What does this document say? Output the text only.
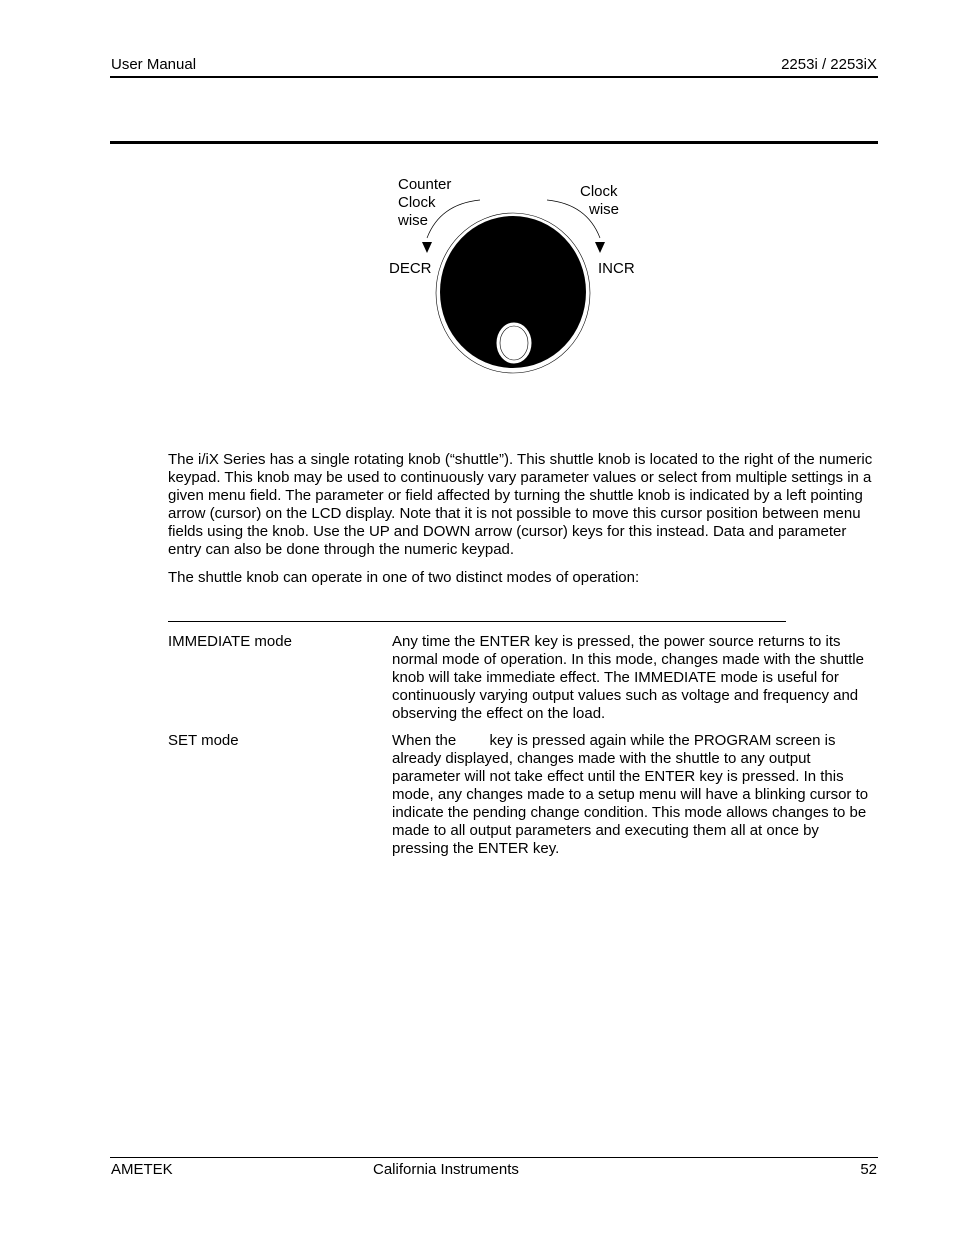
User Manual	2253i / 2253iX
Counter
Clock
wise
Clock
wise
DECR	INCR
The i/iX Series has a single rotating knob (“shuttle”). This shuttle knob is located to the right of the numeric keypad. This knob may be used to continuously vary parameter values or select from multiple settings in a given menu field. The parameter or field affected by turning the shuttle knob is indicated by a left pointing arrow (cursor) on the LCD display. Note that it is not possible to move this cursor position between menu fields using the knob. Use the UP and DOWN arrow (cursor) keys for this instead. Data and parameter entry can also be done through the numeric keypad.
The shuttle knob can operate in one of two distinct modes of operation:
IMMEDIATE mode	Any time the ENTER key is pressed, the power source returns to its normal mode of operation. In this mode, changes made with the shuttle knob will take immediate effect. The IMMEDIATE mode is useful for continuously varying output values such as voltage and frequency and observing the effect on the load.
SET mode	When the        key is pressed again while the PROGRAM screen is already displayed, changes made with the shuttle to any output parameter will not take effect until the ENTER key is pressed. In this mode, any changes made to a setup menu will have a blinking cursor to indicate the pending change condition. This mode allows changes to be made to all output parameters and executing them all at once by pressing the ENTER key.
AMETEK	California Instruments	52
